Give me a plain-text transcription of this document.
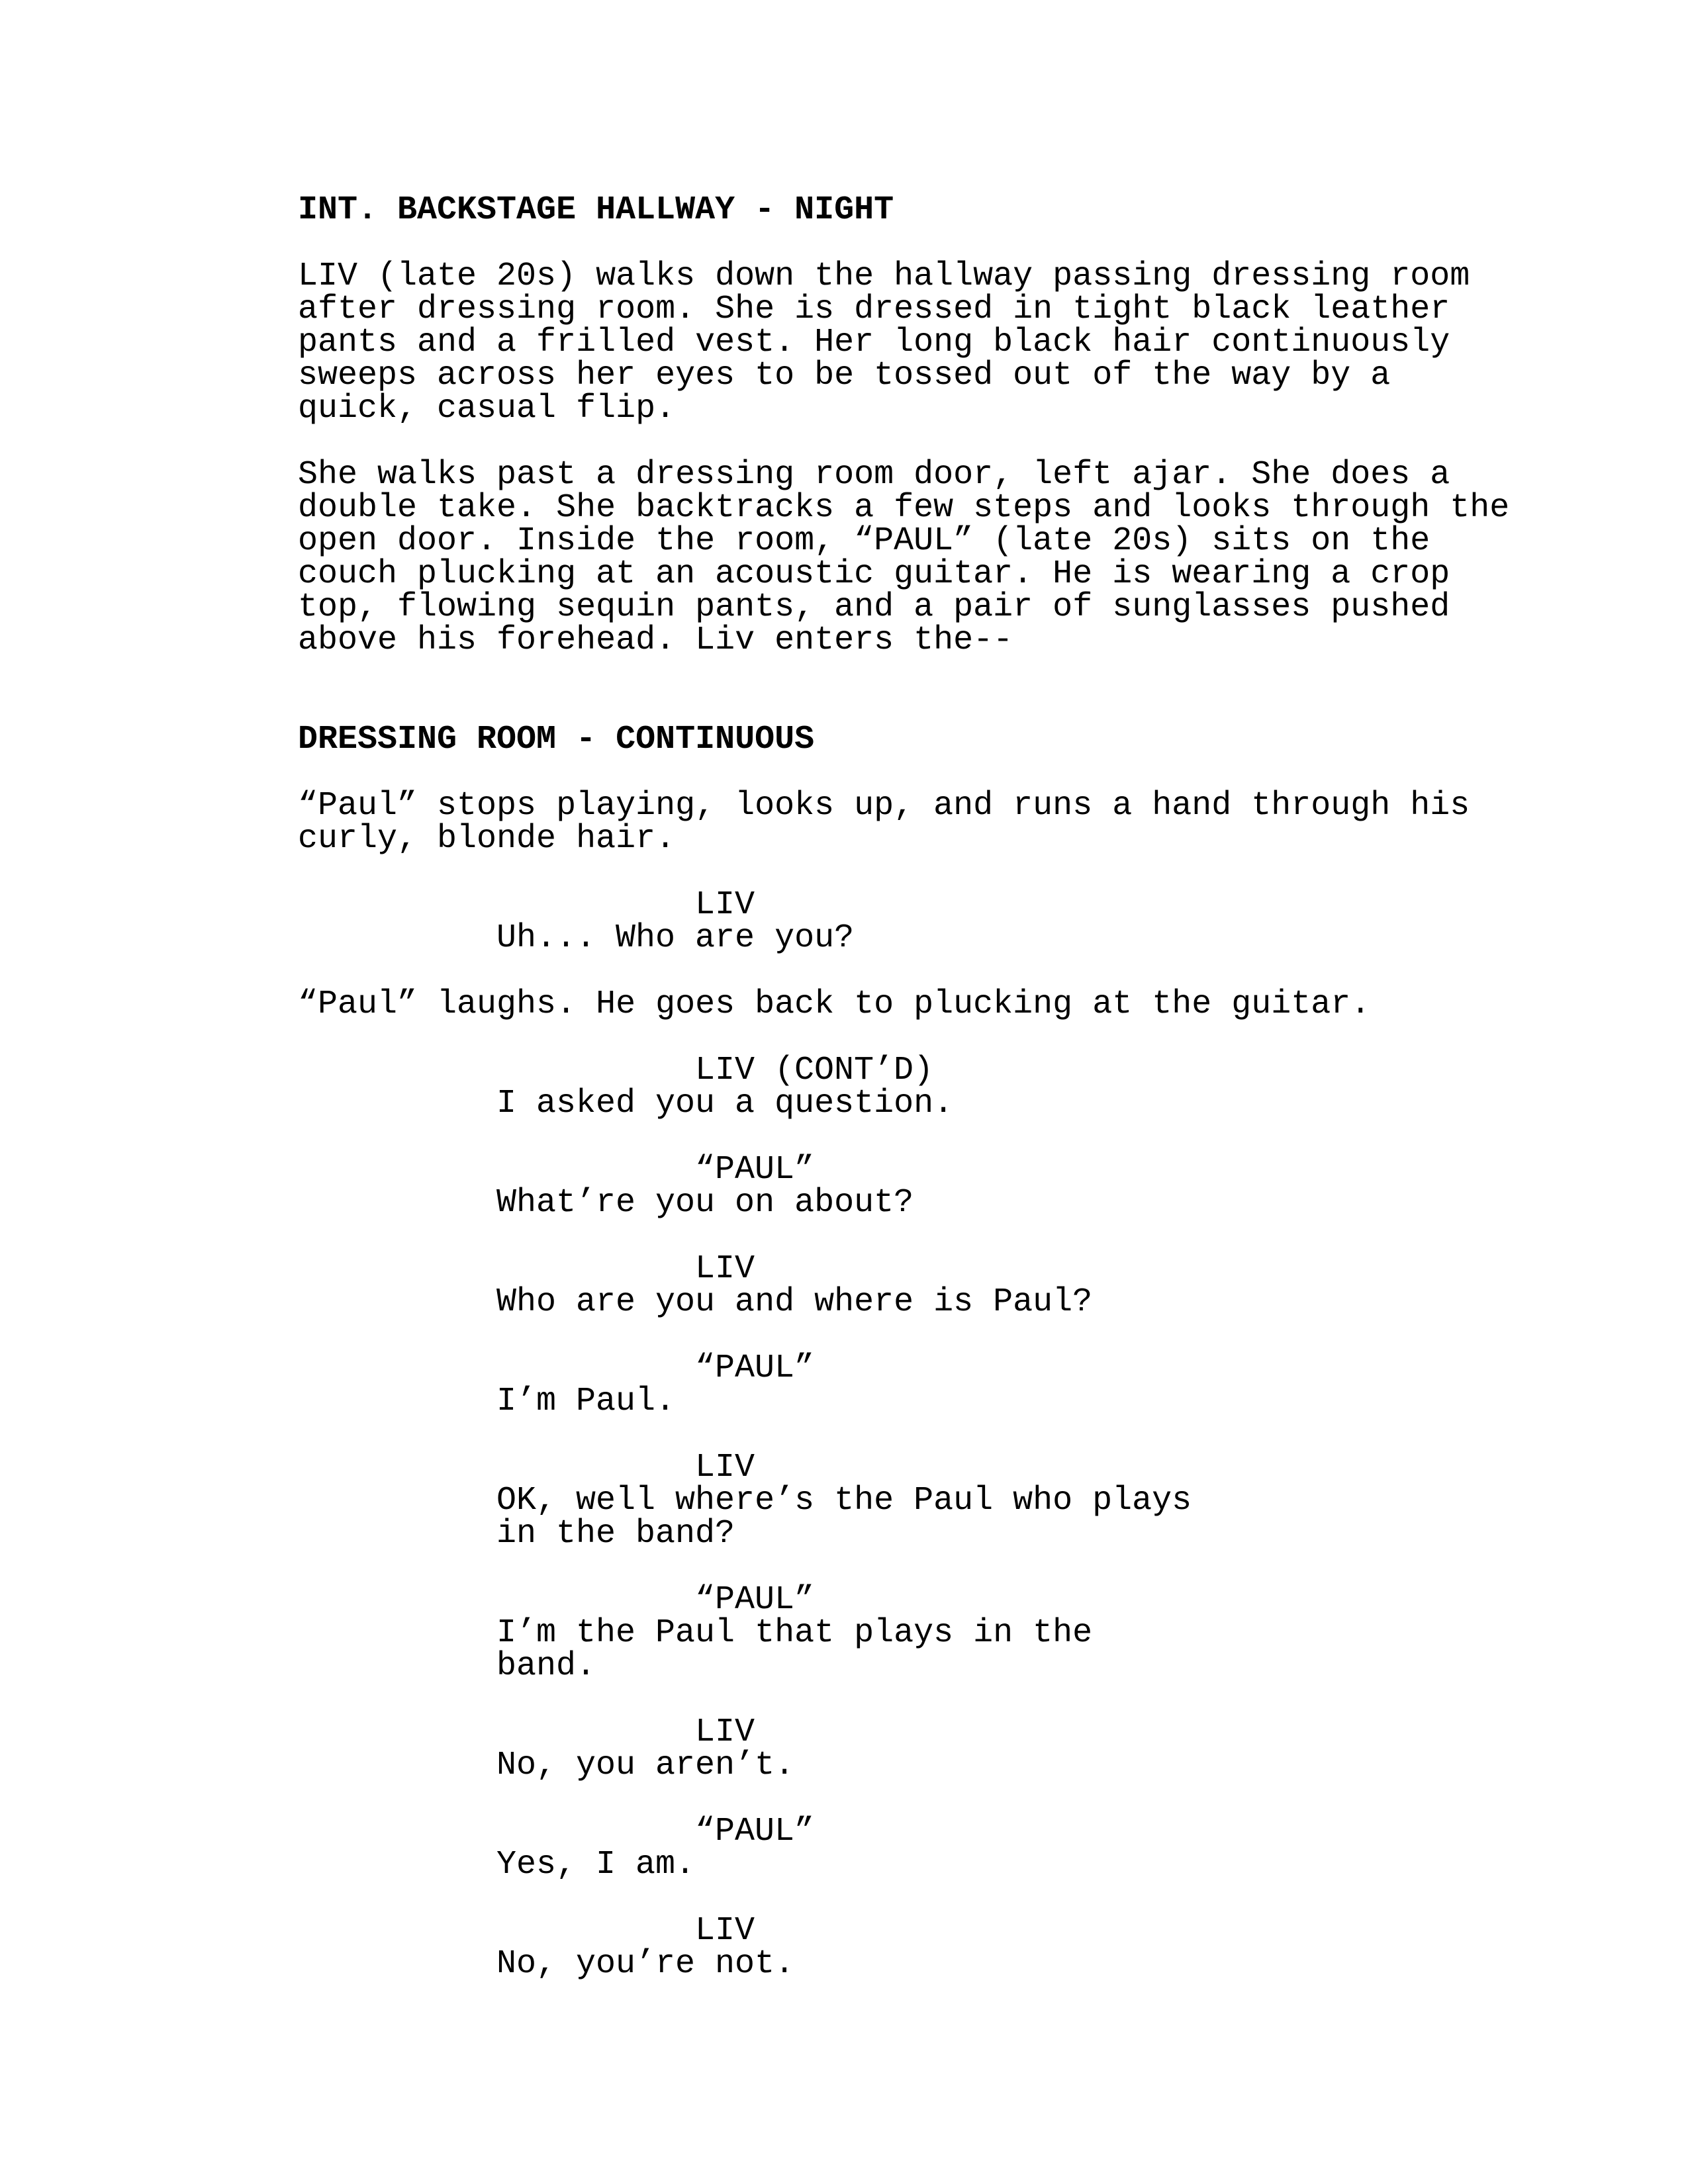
INT. BACKSTAGE HALLWAY - NIGHT
LIV (late 20s) walks down the hallway passing dressing room
after dressing room. She is dressed in tight black leather
pants and a frilled vest. Her long black hair continuously
sweeps across her eyes to be tossed out of the way by a
quick, casual flip.
She walks past a dressing room door, left ajar. She does a
double take. She backtracks a few steps and looks through the
open door. Inside the room, “PAUL” (late 20s) sits on the
couch plucking at an acoustic guitar. He is wearing a crop
top, flowing sequin pants, and a pair of sunglasses pushed
above his forehead. Liv enters the--
DRESSING ROOM - CONTINUOUS
“Paul” stops playing, looks up, and runs a hand through his
curly, blonde hair.
LIV
Uh... Who are you?
“Paul” laughs. He goes back to plucking at the guitar.
LIV (CONT’D)
I asked you a question.
“PAUL”
What’re you on about?
LIV
Who are you and where is Paul?
“PAUL”
I’m Paul.
LIV
OK, well where’s the Paul who plays
in the band?
“PAUL”
I’m the Paul that plays in the
band.
LIV
No, you aren’t.
“PAUL”
Yes, I am.
LIV
No, you’re not.
